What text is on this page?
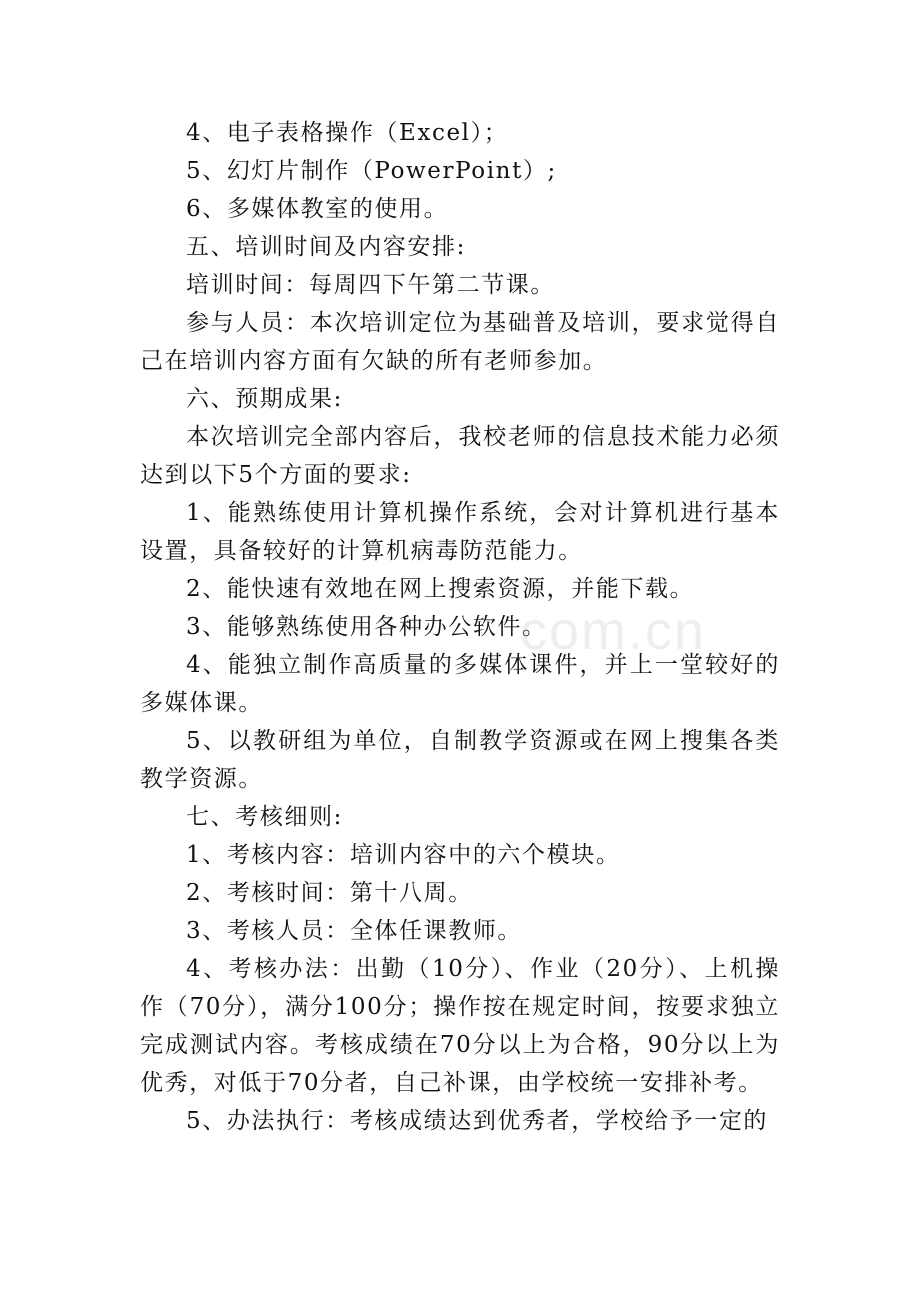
4、电子表格操作（Excel）；

5、幻灯片制作（PowerPoint）;

6、多媒体教室的使用。

五、培训时间及内容安排:

培训时间：每周四下午第二节课。

参与人员：本次培训定位为基础普及培训，要求觉得自己在培训内容方面有欠缺的所有老师参加。

六、预期成果:

本次培训完全部内容后，我校老师的信息技术能力必须达到以下5个方面的要求:

1、能熟练使用计算机操作系统，会对计算机进行基本设置，具备较好的计算机病毒防范能力。

2、能快速有效地在网上搜索资源，并能下载。

3、能够熟练使用各种办公软件。

4、能独立制作高质量的多媒体课件，并上一堂较好的多媒体课。

5、以教研组为单位，自制教学资源或在网上搜集各类教学资源。

七、考核细则:

1、考核内容：培训内容中的六个模块。

2、考核时间：第十八周。

3、考核人员：全体任课教师。

4、考核办法：出勤（10分）、作业（20分）、上机操作（70分），满分100分；操作按在规定时间，按要求独立完成测试内容。考核成绩在70分以上为合格，90分以上为优秀，对低于70分者，自己补课，由学校统一安排补考。

5、办法执行：考核成绩达到优秀者，学校给予一定的

com.cn
